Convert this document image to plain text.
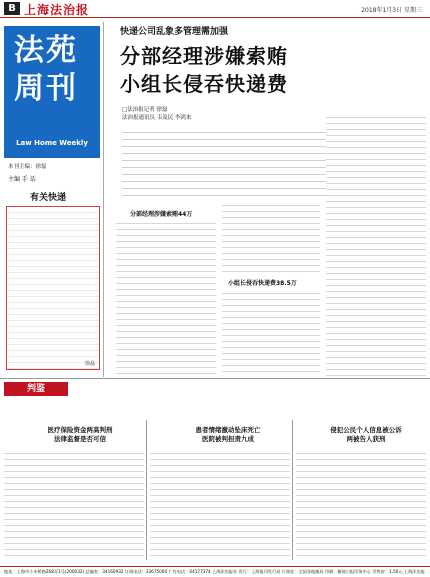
B 上海法治报	2018年1月3日 星期三
法苑周刊
Law Home Weekly
本刊主编：徐磊
主编 手 话
有关快递
徐磊
快递公司乱象多管理需加强
分部经理涉嫌索贿
小组长侵吞快递费
□法治报记者 徐磊
法治报通讯员 韦及民 李鸿来
分部经理涉嫌索贿44万
小组长侵吞快递费38.5万
判鉴
医疗保险资金两高判刑
法律监督是否可信
患者情绪激动坠床死亡
医院被判担责九成
侵犯公民个人信息被公诉
两被告人获刑
地址：上海市小木桥路268弄1号(200032) 总编室：34160932 订阅电话：33675000 广告电话：64177374 上海法治报社 发行：上海报刊发行局 订阅处：全国各地邮局 印刷：解放日报印务中心 零售价：1.50元 上海法治报
